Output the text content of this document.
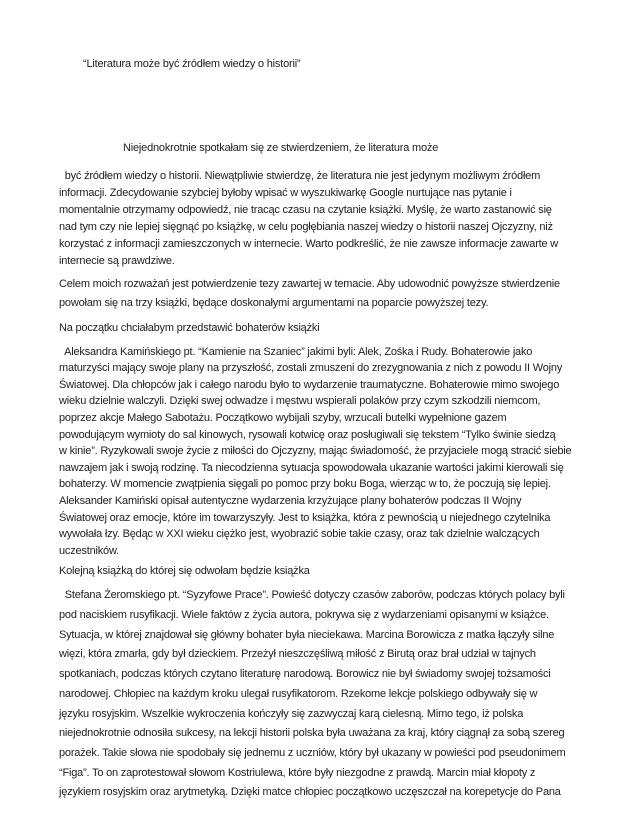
“Literatura może być źródłem wiedzy o historii”
Niejednokrotnie spotkałam się ze stwierdzeniem, że literatura może
być źródłem wiedzy o historii. Niewątpliwie stwierdzę, że literatura nie jest jedynym możliwym źródłem
informacji. Zdecydowanie szybciej byłoby wpisać w wyszukiwarkę Google nurtujące nas pytanie i
momentalnie otrzymamy odpowiedź, nie tracąc czasu na czytanie książki. Myślę, że warto zastanowić się
nad tym czy nie lepiej sięgnąć po książkę, w celu pogłębiania naszej wiedzy o historii naszej Ojczyzny, niż
korzystać z informacji zamieszczonych w internecie. Warto podkreślić, że nie zawsze informacje zawarte w
internecie są prawdziwe.
Celem moich rozważań jest potwierdzenie tezy zawartej w temacie. Aby udowodnić powyższe stwierdzenie
powołam się na trzy książki, będące doskonałymi argumentami na poparcie powyższej tezy.
Na początku chciałabym przedstawić bohaterów książki
Aleksandra Kamińskiego pt. “Kamienie na Szaniec” jakimi byli: Alek, Zośka i Rudy. Bohaterowie jako
maturzyści mający swoje plany na przyszłość, zostali zmuszeni do zrezygnowania z nich z powodu II Wojny
Światowej. Dla chłopców jak i całego narodu było to wydarzenie traumatyczne. Bohaterowie mimo swojego
wieku dzielnie walczyli. Dzięki swej odwadze i męstwu wspierali polaków przy czym szkodzili niemcom,
poprzez akcje Małego Sabotażu. Początkowo wybijali szyby, wrzucali butelki wypełnione gazem
powodującym wymioty do sal kinowych, rysowali kotwicę oraz posługiwali się tekstem “Tylko świnie siedzą
w kinie”. Ryzykowali swoje życie z miłości do Ojczyzny, mając świadomość, że przyjaciele mogą stracić siebie
nawzajem jak i swoją rodzinę. Ta niecodzienna sytuacja spowodowała ukazanie wartości jakimi kierowali się
bohaterzy. W momencie zwątpienia sięgali po pomoc przy boku Boga, wierząc w to, że poczują się lepiej.
Aleksander Kamiński opisał autentyczne wydarzenia krzyżujące plany bohaterów podczas II Wojny
Światowej oraz emocje, które im towarzyszyły. Jest to książka, która z pewnością u niejednego czytelnika
wywołała łzy. Będąc w XXI wieku ciężko jest, wyobrazić sobie takie czasy, oraz tak dzielnie walczących
uczestników.
Kolejną książką do której się odwołam będzie książka
Stefana Żeromskiego pt. “Syzyfowe Prace”. Powieść dotyczy czasów zaborów, podczas których polacy byli
pod naciskiem rusyfikacji. Wiele faktów z życia autora, pokrywa się z wydarzeniami opisanymi w książce.
Sytuacja, w której znajdował się główny bohater była nieciekawa. Marcina Borowicza z matka łączyły silne
więzi, która zmarła, gdy był dzieckiem. Przeżył nieszczęśliwą miłość z Birutą oraz brał udział w tajnych
spotkaniach, podczas których czytano literaturę narodową. Borowicz nie był świadomy swojej tożsamości
narodowej. Chłopiec na każdym kroku ulegał rusyfikatorom. Rzekome lekcje polskiego odbywały się w
języku rosyjskim. Wszelkie wykroczenia kończyły się zazwyczaj karą cielesną. Mimo tego, iż polska
niejednokrotnie odnosiła sukcesy, na lekcji historii polska była uważana za kraj, który ciągnął za sobą szereg
porażek. Takie słowa nie spodobały się jednemu z uczniów, który był ukazany w powieści pod pseudonimem
“Figa”. To on zaprotestował słowom Kostriulewa, które były niezgodne z prawdą. Marcin miał kłopoty z
językiem rosyjskim oraz arytmetyką. Dzięki matce chłopiec początkowo uczęszczał na korepetycje do Pana
